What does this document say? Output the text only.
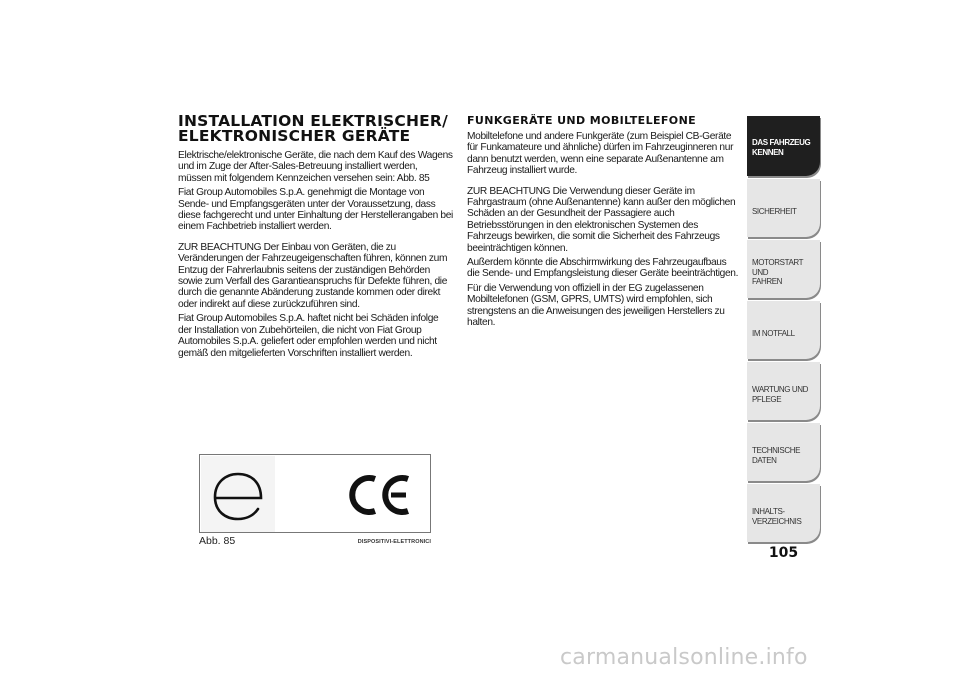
INSTALLATION ELEKTRISCHER/
ELEKTRONISCHER GERÄTE

Elektrische/elektronische Geräte, die nach dem Kauf des Wagens und im Zuge der After-Sales-Betreuung installiert werden, müssen mit folgendem Kennzeichen versehen sein: Abb. 85

Fiat Group Automobiles S.p.A. genehmigt die Montage von Sende- und Empfangsgeräten unter der Voraussetzung, dass diese fachgerecht und unter Einhaltung der Herstellerangaben bei einem Fachbetrieb installiert werden.

ZUR BEACHTUNG Der Einbau von Geräten, die zu Veränderungen der Fahrzeugeigenschaften führen, können zum Entzug der Fahrerlaubnis seitens der zuständigen Behörden sowie zum Verfall des Garantieanspruchs für Defekte führen, die durch die genannte Abänderung zustande kommen oder direkt oder indirekt auf diese zurückzuführen sind.

Fiat Group Automobiles S.p.A. haftet nicht bei Schäden infolge der Installation von Zubehörteilen, die nicht von Fiat Group Automobiles S.p.A. geliefert oder empfohlen werden und nicht gemäß den mitgelieferten Vorschriften installiert werden.

FUNKGERÄTE UND MOBILTELEFONE

Mobiltelefone und andere Funkgeräte (zum Beispiel CB-Geräte für Funkamateure und ähnliche) dürfen im Fahrzeuginneren nur dann benutzt werden, wenn eine separate Außenantenne am Fahrzeug installiert wurde.

ZUR BEACHTUNG Die Verwendung dieser Geräte im Fahrgastraum (ohne Außenantenne) kann außer den möglichen Schäden an der Gesundheit der Passagiere auch Betriebsstörungen in den elektronischen Systemen des Fahrzeugs bewirken, die somit die Sicherheit des Fahrzeugs beeinträchtigen können.

Außerdem könnte die Abschirmwirkung des Fahrzeugaufbaus die Sende- und Empfangsleistung dieser Geräte beeinträchtigen.

Für die Verwendung von offiziell in der EG zugelassenen Mobiltelefonen (GSM, GPRS, UMTS) wird empfohlen, sich strengstens an die Anweisungen des jeweiligen Herstellers zu halten.

Abb. 85	DISPOSITIVI-ELETTRONICI
DAS FAHRZEUG
KENNEN
SICHERHEIT
MOTORSTART UND
FAHREN
IM NOTFALL
WARTUNG UND
PFLEGE
TECHNISCHE DATEN
INHALTS-
VERZEICHNIS
105
carmanualsonline.info
